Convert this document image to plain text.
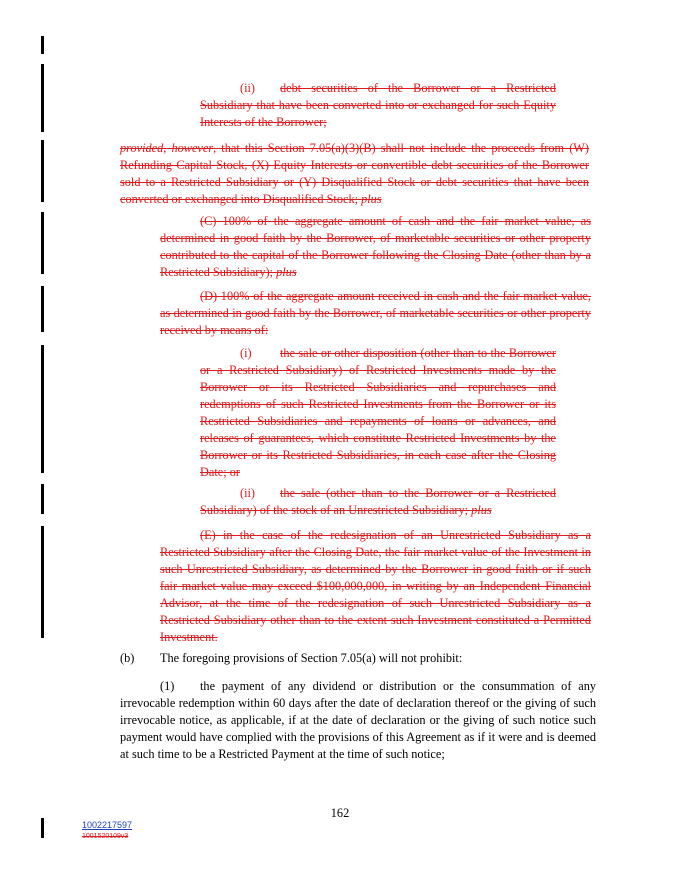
(ii) debt securities of the Borrower or a Restricted Subsidiary that have been converted into or exchanged for such Equity Interests of the Borrower;

provided, however, that this Section 7.05(a)(3)(B) shall not include the proceeds from (W) Refunding Capital Stock, (X) Equity Interests or convertible debt securities of the Borrower sold to a Restricted Subsidiary or (Y) Disqualified Stock or debt securities that have been converted or exchanged into Disqualified Stock; plus

(C) 100% of the aggregate amount of cash and the fair market value, as determined in good faith by the Borrower, of marketable securities or other property contributed to the capital of the Borrower following the Closing Date (other than by a Restricted Subsidiary); plus

(D) 100% of the aggregate amount received in cash and the fair market value, as determined in good faith by the Borrower, of marketable securities or other property received by means of:

(i) the sale or other disposition (other than to the Borrower or a Restricted Subsidiary) of Restricted Investments made by the Borrower or its Restricted Subsidiaries and repurchases and redemptions of such Restricted Investments from the Borrower or its Restricted Subsidiaries and repayments of loans or advances, and releases of guarantees, which constitute Restricted Investments by the Borrower or its Restricted Subsidiaries, in each case after the Closing Date; or

(ii) the sale (other than to the Borrower or a Restricted Subsidiary) of the stock of an Unrestricted Subsidiary; plus

(E) in the case of the redesignation of an Unrestricted Subsidiary as a Restricted Subsidiary after the Closing Date, the fair market value of the Investment in such Unrestricted Subsidiary, as determined by the Borrower in good faith or if such fair market value may exceed $100,000,000, in writing by an Independent Financial Advisor, at the time of the redesignation of such Unrestricted Subsidiary as a Restricted Subsidiary other than to the extent such Investment constituted a Permitted Investment.

(b) The foregoing provisions of Section 7.05(a) will not prohibit:

(1) the payment of any dividend or distribution or the consummation of any irrevocable redemption within 60 days after the date of declaration thereof or the giving of such irrevocable notice, as applicable, if at the date of declaration or the giving of such notice such payment would have complied with the provisions of this Agreement as if it were and is deemed at such time to be a Restricted Payment at the time of such notice;

162
1002217597
1001520109v3
